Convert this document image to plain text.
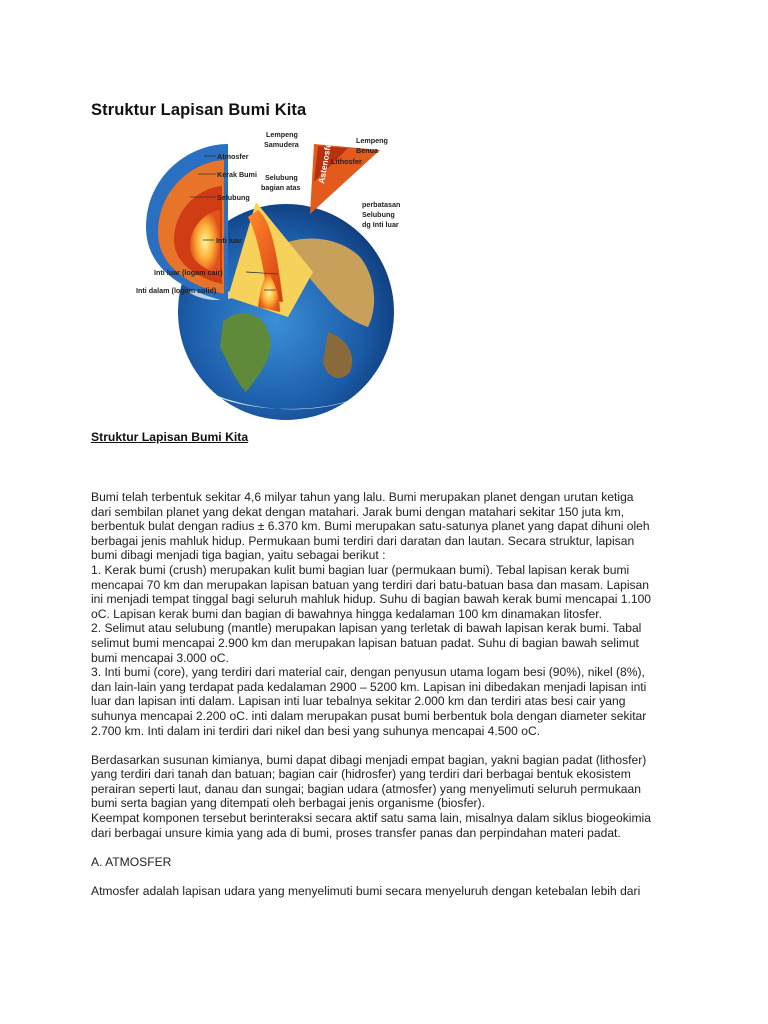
Struktur Lapisan Bumi Kita
Astenosfer
Lithosfer
Atmosfer
Kerak Bumi
Selubung
Inti luar
Inti luar (logam cair)
Inti dalam (logam solid)
Lempeng
Samudera	Lempeng
Benua
Selubung
bagian atas
perbatasan
Selubung
dg Inti luar
Struktur Lapisan Bumi Kita

Bumi telah terbentuk sekitar 4,6 milyar tahun yang lalu. Bumi merupakan planet dengan urutan ketiga

dari sembilan planet yang dekat dengan matahari. Jarak bumi dengan matahari sekitar 150 juta km,

berbentuk bulat dengan radius ± 6.370 km. Bumi merupakan satu-satunya planet yang dapat dihuni oleh

berbagai jenis mahluk hidup. Permukaan bumi terdiri dari daratan dan lautan. Secara struktur, lapisan

bumi dibagi menjadi tiga bagian, yaitu sebagai berikut :

1. Kerak bumi (crush) merupakan kulit bumi bagian luar (permukaan bumi). Tebal lapisan kerak bumi

mencapai 70 km dan merupakan lapisan batuan yang terdiri dari batu-batuan basa dan masam. Lapisan

ini menjadi tempat tinggal bagi seluruh mahluk hidup. Suhu di bagian bawah kerak bumi mencapai 1.100

oC. Lapisan kerak bumi dan bagian di bawahnya hingga kedalaman 100 km dinamakan litosfer.

2. Selimut atau selubung (mantle) merupakan lapisan yang terletak di bawah lapisan kerak bumi. Tabal

selimut bumi mencapai 2.900 km dan merupakan lapisan batuan padat. Suhu di bagian bawah selimut

bumi mencapai 3.000 oC.

3. Inti bumi (core), yang terdiri dari material cair, dengan penyusun utama logam besi (90%), nikel (8%),

dan lain-lain yang terdapat pada kedalaman 2900 – 5200 km. Lapisan ini dibedakan menjadi lapisan inti

luar dan lapisan inti dalam. Lapisan inti luar tebalnya sekitar 2.000 km dan terdiri atas besi cair yang

suhunya mencapai 2.200 oC. inti dalam merupakan pusat bumi berbentuk bola dengan diameter sekitar

2.700 km. Inti dalam ini terdiri dari nikel dan besi yang suhunya mencapai 4.500 oC.

Berdasarkan susunan kimianya, bumi dapat dibagi menjadi empat bagian, yakni bagian padat (lithosfer)

yang terdiri dari tanah dan batuan; bagian cair (hidrosfer) yang terdiri dari berbagai bentuk ekosistem

perairan seperti laut, danau dan sungai; bagian udara (atmosfer) yang menyelimuti seluruh permukaan

bumi serta bagian yang ditempati oleh berbagai jenis organisme (biosfer).

Keempat komponen tersebut berinteraksi secara aktif satu sama lain, misalnya dalam siklus biogeokimia

dari berbagai unsure kimia yang ada di bumi, proses transfer panas dan perpindahan materi padat.

A. ATMOSFER

Atmosfer adalah lapisan udara yang menyelimuti bumi secara menyeluruh dengan ketebalan lebih dari
